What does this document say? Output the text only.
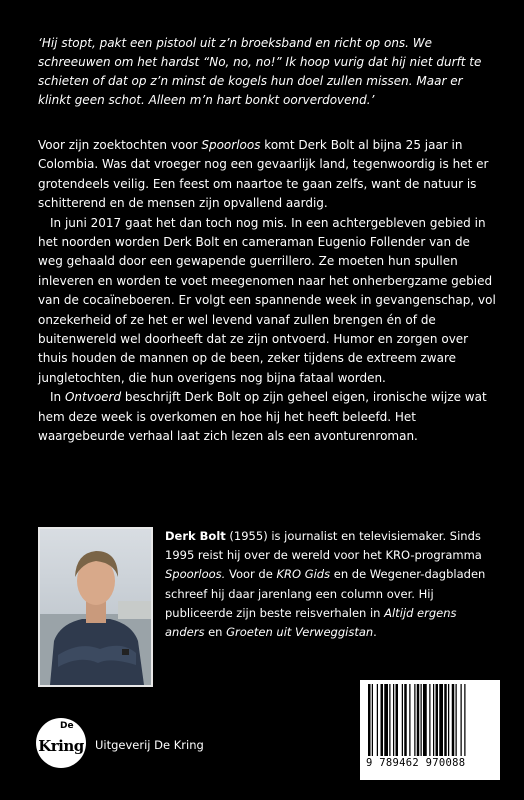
‘Hij stopt, pakt een pistool uit z’n broeksband en richt op ons. We schreeuwen om het hardst “No, no, no!” Ik hoop vurig dat hij niet durft te schieten of dat op z’n minst de kogels hun doel zullen missen. Maar er klinkt geen schot. Alleen m’n hart bonkt oorverdovend.’

Voor zijn zoektochten voor Spoorloos komt Derk Bolt al bijna 25 jaar in Colombia. Was dat vroeger nog een gevaarlijk land, tegenwoordig is het er grotendeels veilig. Een feest om naartoe te gaan zelfs, want de natuur is schitterend en de mensen zijn opvallend aardig.

In juni 2017 gaat het dan toch nog mis. In een achtergebleven gebied in het noorden worden Derk Bolt en cameraman Eugenio Follender van de weg gehaald door een gewapende guerrillero. Ze moeten hun spullen inleveren en worden te voet meegenomen naar het onherbergzame gebied van de cocaïneboeren. Er volgt een spannende week in gevangenschap, vol onzekerheid of ze het er wel levend vanaf zullen brengen én of de buitenwereld wel doorheeft dat ze zijn ontvoerd. Humor en zorgen over thuis houden de mannen op de been, zeker tijdens de extreem zware jungletochten, die hun overigens nog bijna fataal worden.

In Ontvoerd beschrijft Derk Bolt op zijn geheel eigen, ironische wijze wat hem deze week is overkomen en hoe hij het heeft beleefd. Het waargebeurde verhaal laat zich lezen als een avonturenroman.

Derk Bolt (1955) is journalist en televisiemaker. Sinds 1995 reist hij over de wereld voor het KRO-programma Spoorloos. Voor de KRO Gids en de Wegener-dagbladen schreef hij daar jarenlang een column over. Hij publiceerde zijn beste reisverhalen in Altijd ergens anders en Groeten uit Verweggistan.

De
Kring Uitgeverij De Kring
9 789462 970088
